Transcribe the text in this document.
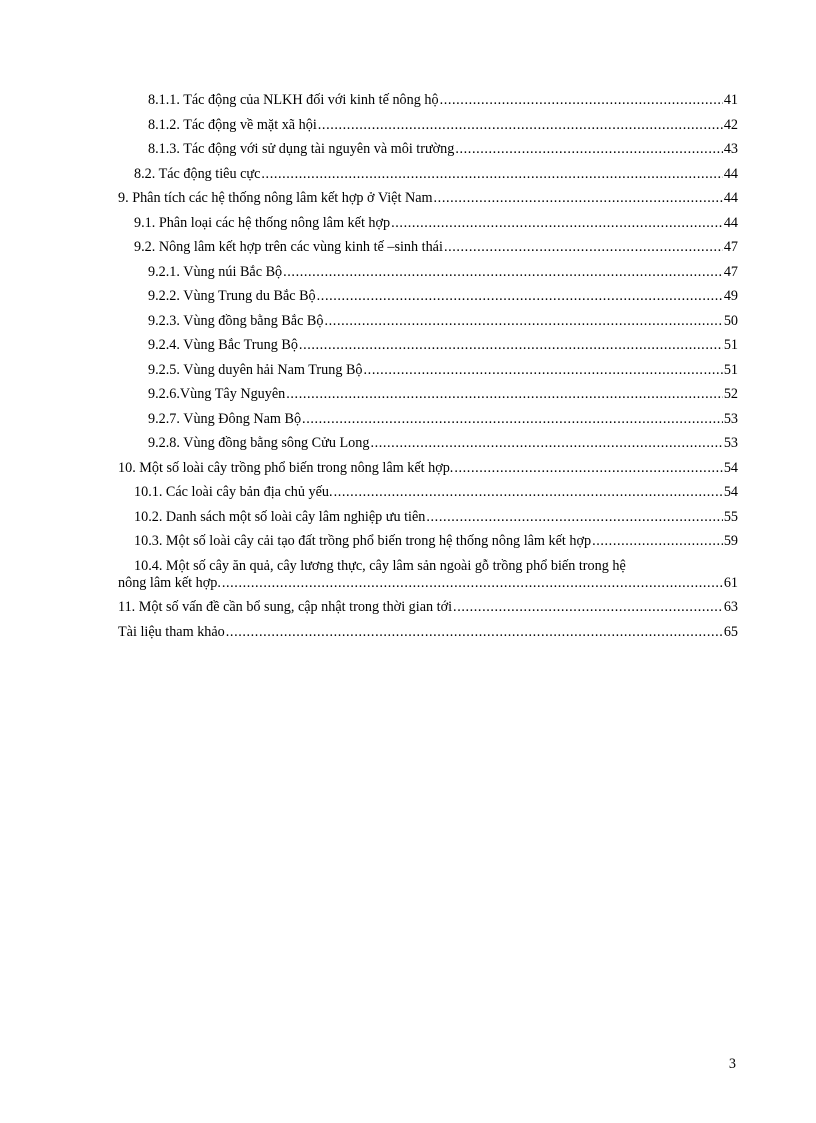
8.1.1. Tác động của NLKH đối với kinh tế nông hộ .....	41
8.1.2. Tác động về mặt xã hội .....	42
8.1.3. Tác động với sử dụng tài nguyên và môi trường .....	43
8.2. Tác động tiêu cực .....	44
9. Phân tích các hệ thống nông lâm kết hợp ở Việt Nam .....	44
9.1. Phân loại các hệ thống nông lâm kết hợp .....	44
9.2. Nông lâm kết hợp trên các vùng kinh tế –sinh thái .....	47
9.2.1. Vùng núi Bắc Bộ .....	47
9.2.2. Vùng Trung du Bắc Bộ .....	49
9.2.3. Vùng đồng bằng Bắc Bộ .....	50
9.2.4. Vùng Bắc Trung Bộ .....	51
9.2.5. Vùng duyên hải Nam Trung Bộ .....	51
9.2.6.Vùng Tây Nguyên .....	52
9.2.7. Vùng Đông Nam Bộ .....	53
9.2.8. Vùng đồng bằng sông Cửu Long .....	53
10. Một số loài cây trồng phổ biến trong nông lâm kết hợp. .....	54
10.1. Các loài cây bản địa chủ yếu. .....	54
10.2. Danh sách một số loài cây lâm nghiệp ưu tiên .....	55
10.3. Một số loài cây cải tạo đất trồng phổ biến trong hệ thống nông lâm kết hợp .....	59
10.4. Một số cây ăn quả, cây lương thực, cây lâm sản ngoài gỗ trồng phổ biến trong hệ
nông lâm kết hợp. .....	61
11. Một số vấn đề cần bổ sung, cập nhật trong thời gian tới .....	63
Tài liệu tham khảo .....	65
3
